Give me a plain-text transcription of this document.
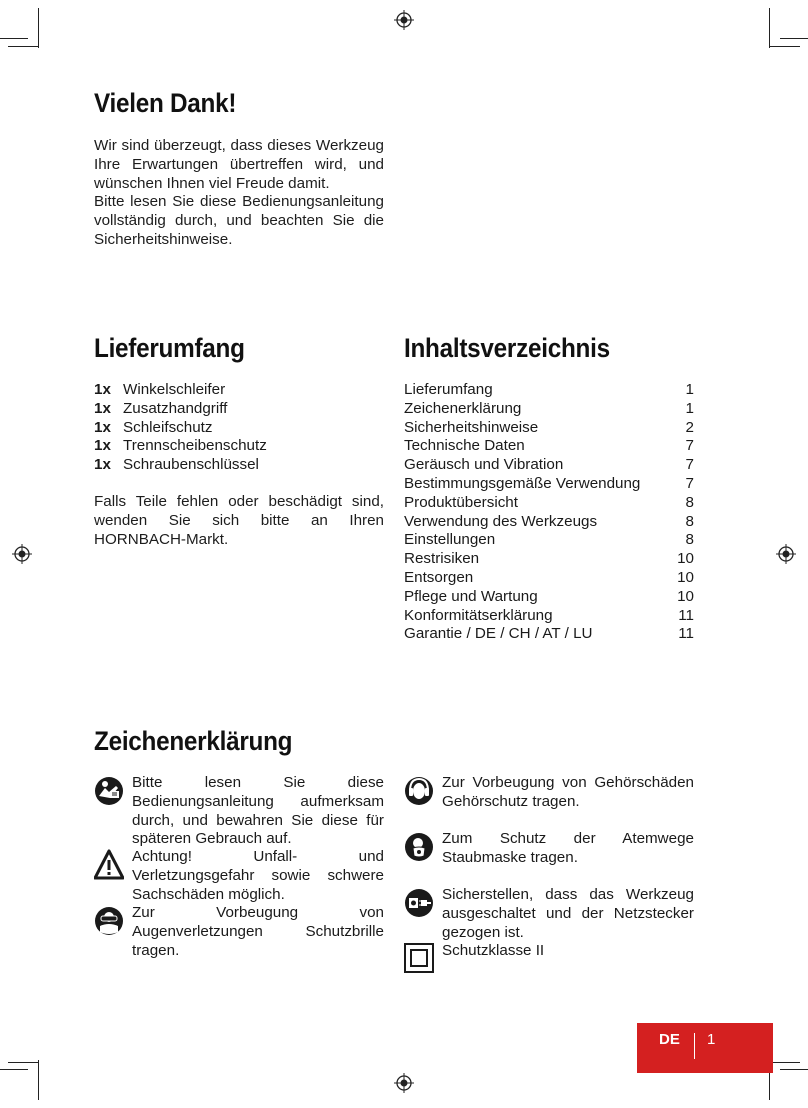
Vielen Dank!

Wir sind überzeugt, dass dieses Werkzeug Ihre Erwartungen übertreffen wird, und wünschen Ihnen viel Freude damit.

Bitte lesen Sie diese Bedienungsanleitung vollständig durch, und beachten Sie die Sicherheitshinweise.

Lieferumfang
1x Winkelschleifer
1x Zusatzhandgriff
1x Schleifschutz
1x Trennscheibenschutz
1x Schraubenschlüssel

Falls Teile fehlen oder beschädigt sind, wenden Sie sich bitte an Ihren HORNBACH-Markt.

Inhaltsverzeichnis
Lieferumfang	1
Zeichenerklärung	1
Sicherheitshinweise	2
Technische Daten	7
Geräusch und Vibration	7
Bestimmungsgemäße Verwendung	7
Produktübersicht	8
Verwendung des Werkzeugs	8
Einstellungen	8
Restrisiken	10
Entsorgen	10
Pflege und Wartung	10
Konformitätserklärung	11
Garantie / DE / CH / AT / LU	11
Zeichenerklärung
Bitte lesen Sie diese Bedienungsanleitung aufmerksam durch, und bewahren Sie diese für späteren Gebrauch auf.
Achtung! Unfall- und Verletzungsgefahr sowie schwere Sachschäden möglich.
Zur Vorbeugung von Augenverletzungen Schutzbrille tragen.
Zur Vorbeugung von Gehörschäden Gehörschutz tragen.
Zum Schutz der Atemwege Staubmaske tragen.
Sicherstellen, dass das Werkzeug ausgeschaltet und der Netzstecker gezogen ist.
Schutzklasse II
DE 1
